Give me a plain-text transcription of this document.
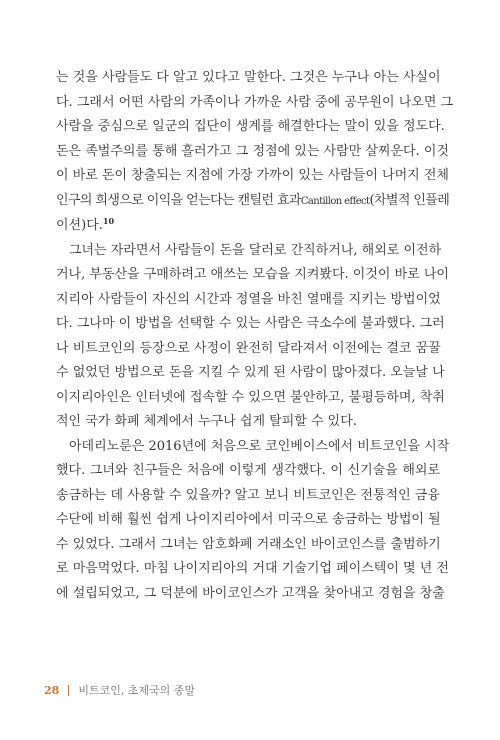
는 것을 사람들도 다 알고 있다고 말한다. 그것은 누구나 아는 사실이
다. 그래서 어떤 사람의 가족이나 가까운 사람 중에 공무원이 나오면 그
사람을 중심으로 일군의 집단이 생계를 해결한다는 말이 있을 정도다.
돈은 족벌주의를 통해 흘러가고 그 정점에 있는 사람만 살찌운다. 이것
이 바로 돈이 창출되는 지점에 가장 가까이 있는 사람들이 나머지 전체
인구의 희생으로 이익을 얻는다는 캔틸런 효과Cantillon effect(차별적 인플레
이션)다.$^{10}$

그녀는 자라면서 사람들이 돈을 달러로 간직하거나, 해외로 이전하
거나, 부동산을 구매하려고 애쓰는 모습을 지켜봤다. 이것이 바로 나이
지리아 사람들이 자신의 시간과 정열을 바친 열매를 지키는 방법이었
다. 그나마 이 방법을 선택할 수 있는 사람은 극소수에 불과했다. 그러
나 비트코인의 등장으로 사정이 완전히 달라져서 이전에는 결코 꿈꿀
수 없었던 방법으로 돈을 지킬 수 있게 된 사람이 많아졌다. 오늘날 나
이지리아인은 인터넷에 접속할 수 있으면 불안하고, 불평등하며, 착취
적인 국가 화폐 체계에서 누구나 쉽게 탈피할 수 있다.

아데리노룬은 2016년에 처음으로 코인베이스에서 비트코인을 시작
했다. 그녀와 친구들은 처음에 이렇게 생각했다. 이 신기술을 해외로
송금하는 데 사용할 수 있을까? 알고 보니 비트코인은 전통적인 금융
수단에 비해 훨씬 쉽게 나이지리아에서 미국으로 송금하는 방법이 될
수 있었다. 그래서 그녀는 암호화폐 거래소인 바이코인스를 출범하기
로 마음먹었다. 마침 나이지리아의 거대 기술기업 페이스텍이 몇 년 전
에 설립되었고, 그 덕분에 바이코인스가 고객을 찾아내고 경험을 창출

28 비트코인, 초제국의 종말
